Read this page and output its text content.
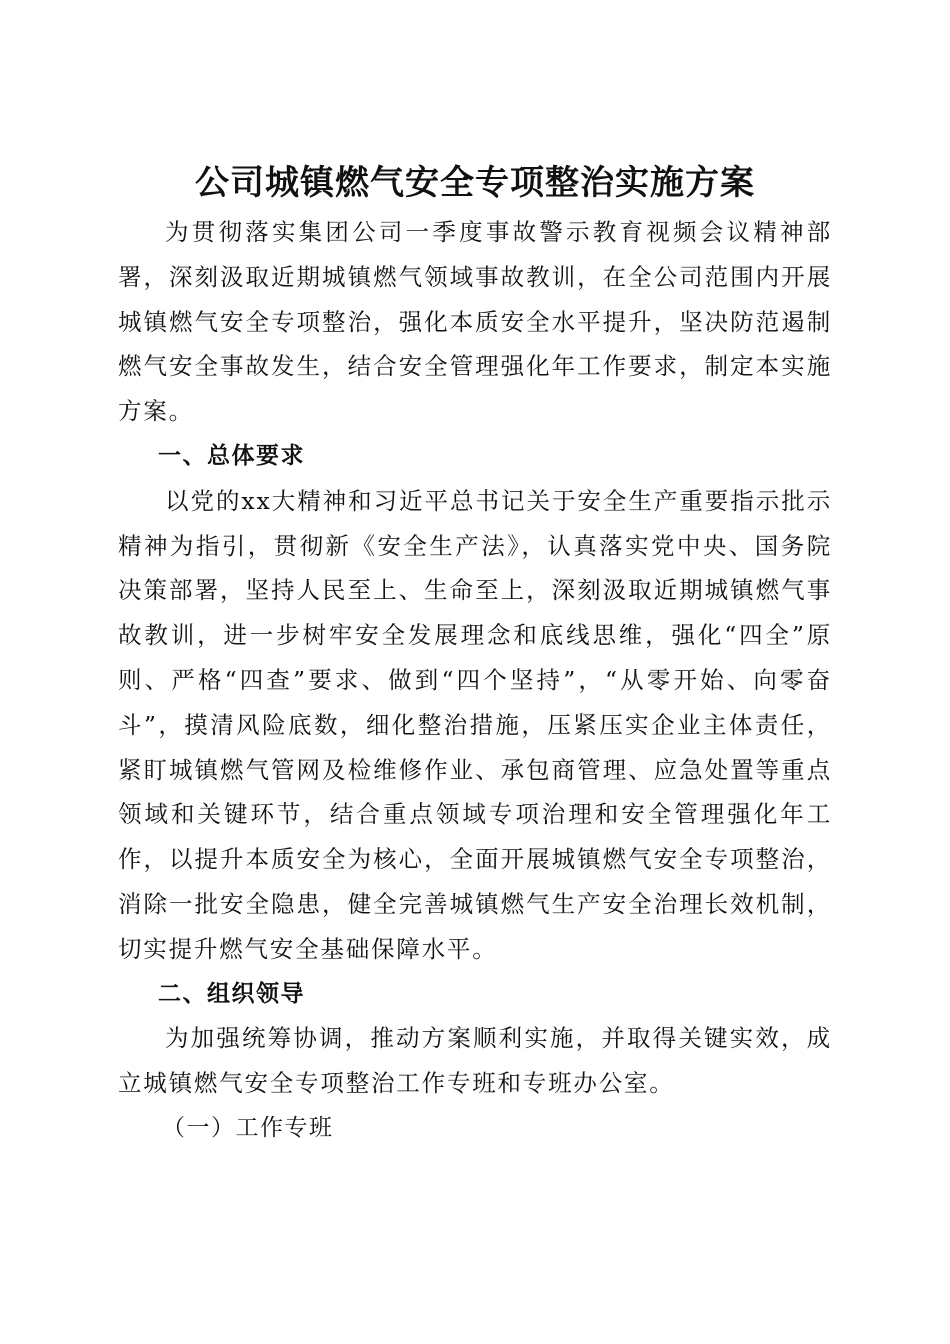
公司城镇燃气安全专项整治实施方案

为贯彻落实集团公司一季度事故警示教育视频会议精神部署，深刻汲取近期城镇燃气领域事故教训，在全公司范围内开展城镇燃气安全专项整治，强化本质安全水平提升，坚决防范遏制燃气安全事故发生，结合安全管理强化年工作要求，制定本实施方案。

一、总体要求

以党的xx大精神和习近平总书记关于安全生产重要指示批示精神为指引，贯彻新《安全生产法》，认真落实党中央、国务院决策部署，坚持人民至上、生命至上，深刻汲取近期城镇燃气事故教训，进一步树牢安全发展理念和底线思维，强化“四全”原则、严格“四查”要求、做到“四个坚持”，“从零开始、向零奋斗”，摸清风险底数，细化整治措施，压紧压实企业主体责任，紧盯城镇燃气管网及检维修作业、承包商管理、应急处置等重点领域和关键环节，结合重点领域专项治理和安全管理强化年工作，以提升本质安全为核心，全面开展城镇燃气安全专项整治，消除一批安全隐患，健全完善城镇燃气生产安全治理长效机制，切实提升燃气安全基础保障水平。

二、组织领导

为加强统筹协调，推动方案顺利实施，并取得关键实效，成立城镇燃气安全专项整治工作专班和专班办公室。

（一）工作专班
